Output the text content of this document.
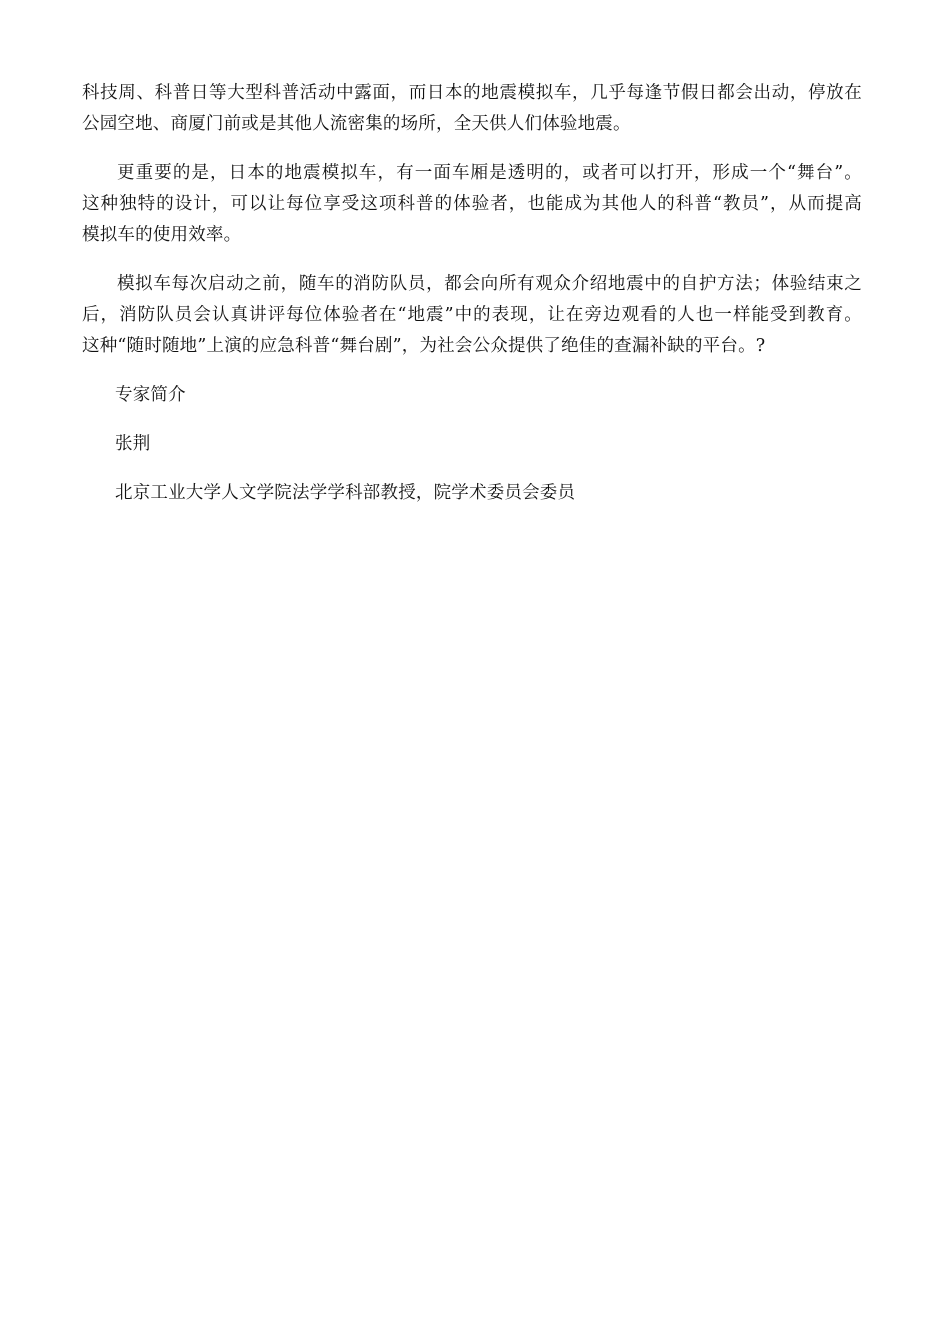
科技周、科普日等大型科普活动中露面，而日本的地震模拟车，几乎每逢节假日都会出动，停放在
公园空地、商厦门前或是其他人流密集的场所，全天供人们体验地震。

更重要的是，日本的地震模拟车，有一面车厢是透明的，或者可以打开，形成一个“舞台”。
这种独特的设计，可以让每位享受这项科普的体验者，也能成为其他人的科普“教员”，从而提高
模拟车的使用效率。

模拟车每次启动之前，随车的消防队员，都会向所有观众介绍地震中的自护方法；体验结束之
后，消防队员会认真讲评每位体验者在“地震”中的表现，让在旁边观看的人也一样能受到教育。
这种“随时随地”上演的应急科普“舞台剧”，为社会公众提供了绝佳的查漏补缺的平台。?

专家简介

张荆

北京工业大学人文学院法学学科部教授，院学术委员会委员
